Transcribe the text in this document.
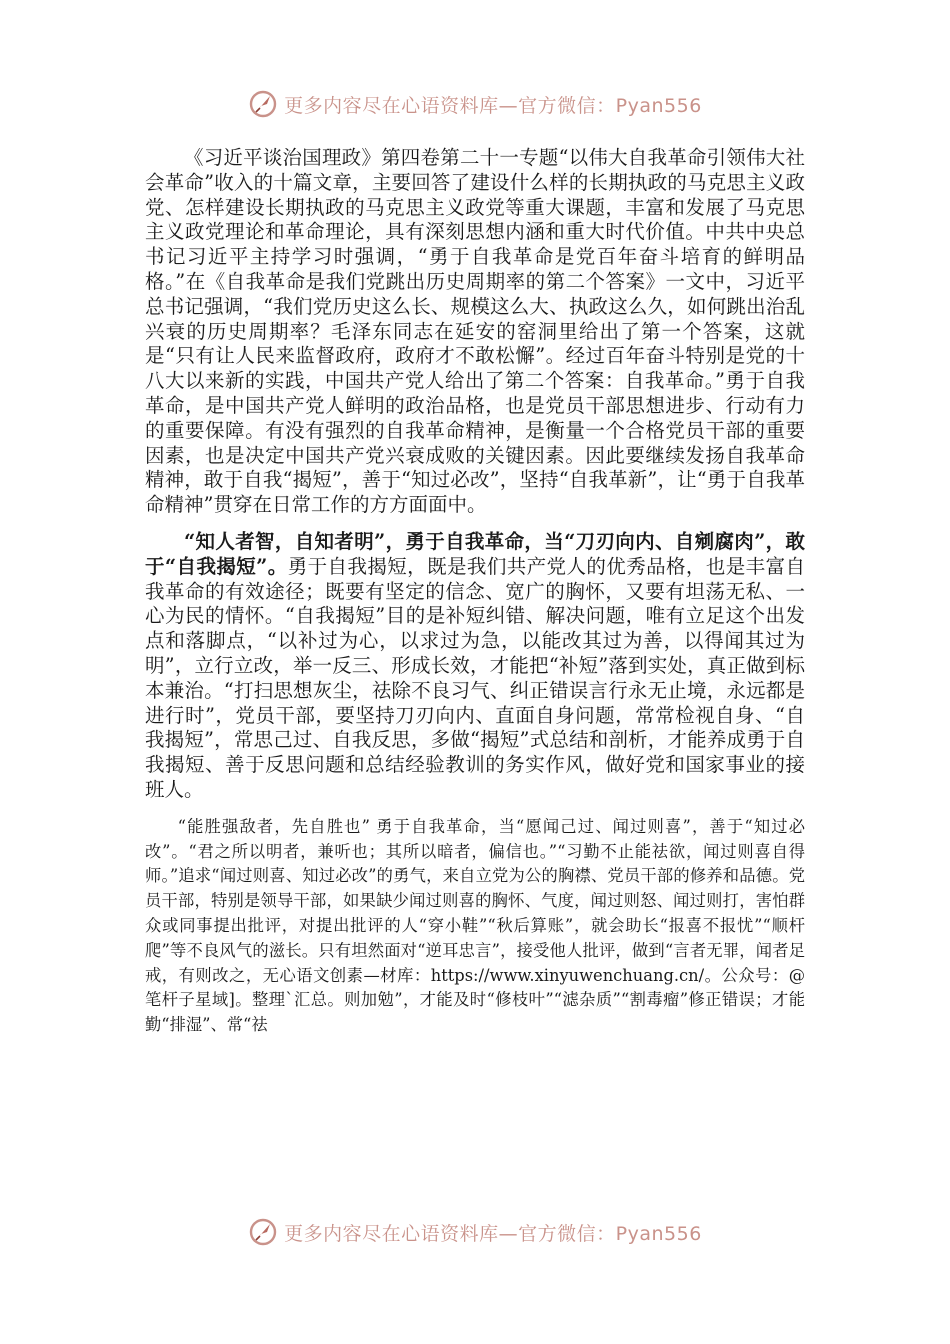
更多内容尽在心语资料库—官方微信：Pyan556

《习近平谈治国理政》第四卷第二十一专题“以伟大自我革命引领伟大社会革命”收入的十篇文章，主要回答了建设什么样的长期执政的马克思主义政党、怎样建设长期执政的马克思主义政党等重大课题，丰富和发展了马克思主义政党理论和革命理论，具有深刻思想内涵和重大时代价值。中共中央总书记习近平主持学习时强调，“勇于自我革命是党百年奋斗培育的鲜明品格。”在《自我革命是我们党跳出历史周期率的第二个答案》一文中，习近平总书记强调，“我们党历史这么长、规模这么大、执政这么久，如何跳出治乱兴衰的历史周期率？毛泽东同志在延安的窑洞里给出了第一个答案，这就是“只有让人民来监督政府，政府才不敢松懈”。经过百年奋斗特别是党的十八大以来新的实践，中国共产党人给出了第二个答案：自我革命。”勇于自我革命，是中国共产党人鲜明的政治品格，也是党员干部思想进步、行动有力的重要保障。有没有强烈的自我革命精神，是衡量一个合格党员干部的重要因素，也是决定中国共产党兴衰成败的关键因素。因此要继续发扬自我革命精神，敢于自我“揭短”，善于“知过必改”，坚持“自我革新”，让“勇于自我革命精神”贯穿在日常工作的方方面面中。

“知人者智，自知者明”，勇于自我革命，当“刀刃向内、自剜腐肉”，敢于“自我揭短”。勇于自我揭短，既是我们共产党人的优秀品格，也是丰富自我革命的有效途径；既要有坚定的信念、宽广的胸怀，又要有坦荡无私、一心为民的情怀。“自我揭短”目的是补短纠错、解决问题，唯有立足这个出发点和落脚点，“以补过为心，以求过为急，以能改其过为善，以得闻其过为明”，立行立改，举一反三、形成长效，才能把“补短”落到实处，真正做到标本兼治。“打扫思想灰尘，祛除不良习气、纠正错误言行永无止境，永远都是进行时”，党员干部，要坚持刀刃向内、直面自身问题，常常检视自身、“自我揭短”，常思己过、自我反思，多做“揭短”式总结和剖析，才能养成勇于自我揭短、善于反思问题和总结经验教训的务实作风，做好党和国家事业的接班人。

“能胜强敌者，先自胜也” 勇于自我革命，当“愿闻己过、闻过则喜”，善于“知过必改”。“君之所以明者，兼听也；其所以暗者，偏信也。”“习勤不止能祛欲，闻过则喜自得师。”追求“闻过则喜、知过必改”的勇气，来自立党为公的胸襟、党员干部的修养和品德。党员干部，特别是领导干部，如果缺少闻过则喜的胸怀、气度，闻过则怒、闻过则打，害怕群众或同事提出批评，对提出批评的人“穿小鞋”“秋后算账”，就会助长“报喜不报忧”“顺杆爬”等不良风气的滋长。只有坦然面对“逆耳忠言”，接受他人批评，做到“言者无罪，闻者足戒，有则改之，无心语文创素—材库：https://www.xinyuwenchuang.cn/。公众号：@笔杆子星域]。整理`汇总。则加勉”，才能及时“修枝叶”“滤杂质”“割毒瘤”修正错误；才能勤“排湿”、常“祛

更多内容尽在心语资料库—官方微信：Pyan556
